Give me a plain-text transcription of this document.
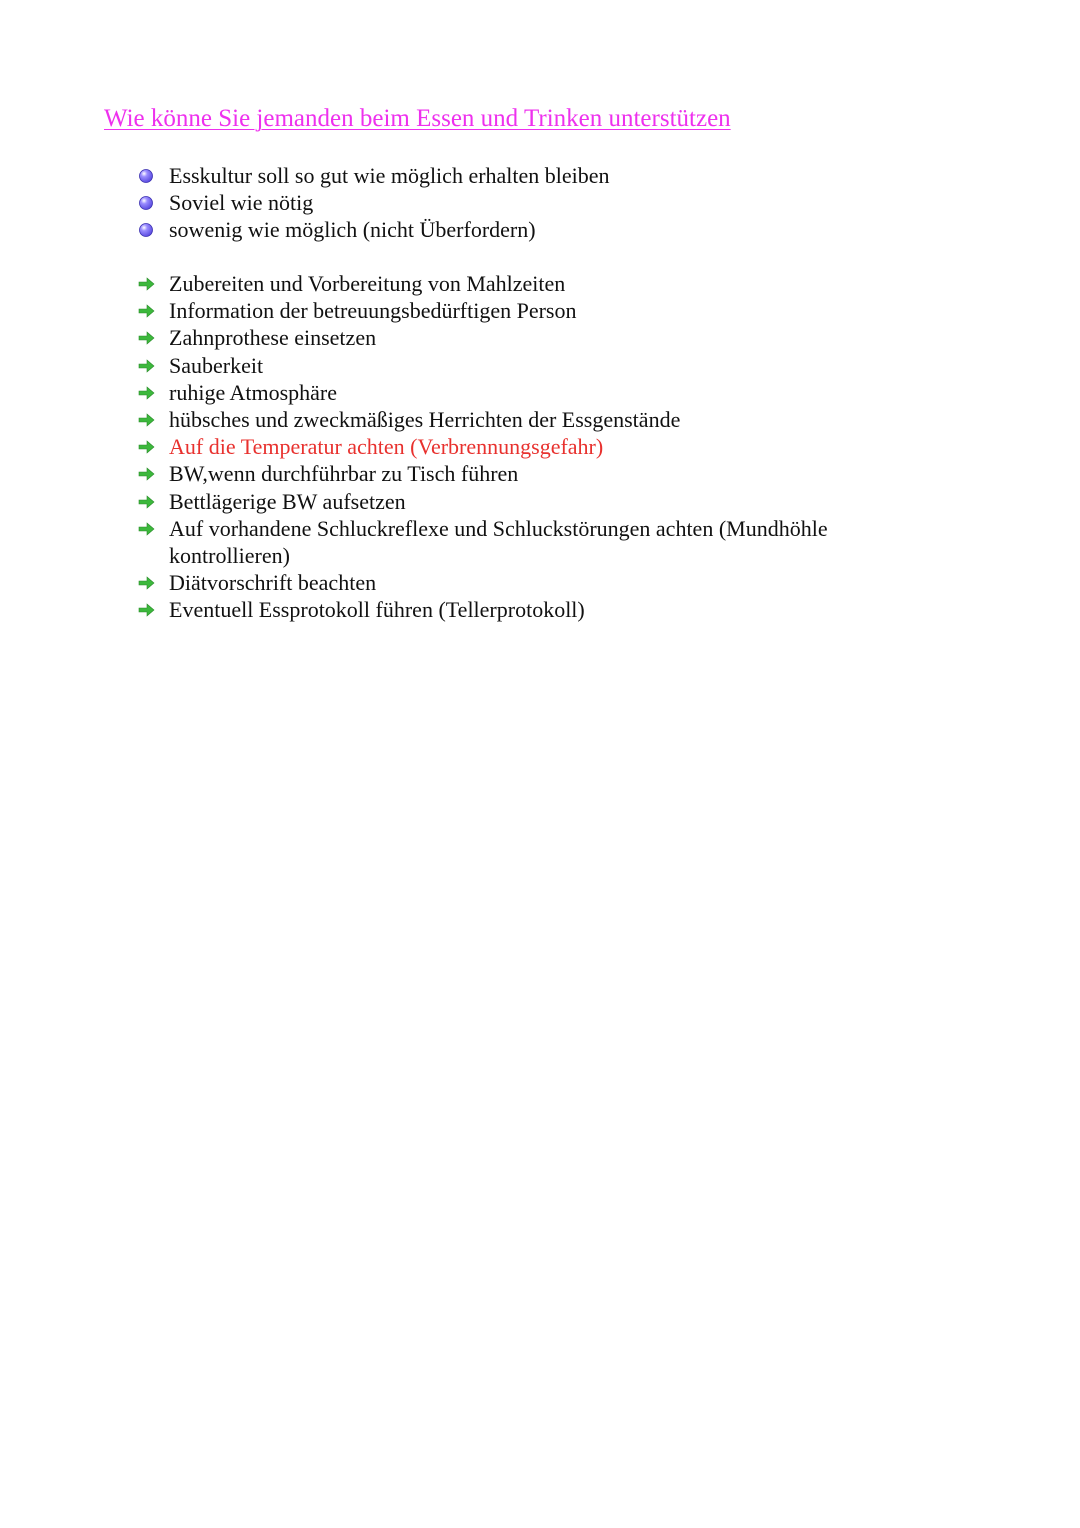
Wie könne Sie jemanden beim Essen und Trinken unterstützen
Esskultur soll so gut wie möglich erhalten bleiben
Soviel wie nötig
sowenig wie möglich (nicht Überfordern)
Zubereiten und Vorbereitung von Mahlzeiten
Information der betreuungsbedürftigen Person
Zahnprothese einsetzen
Sauberkeit
ruhige Atmosphäre
hübsches und zweckmäßiges Herrichten der Essgenstände
Auf die Temperatur achten (Verbrennungsgefahr)
BW,wenn durchführbar zu Tisch führen
Bettlägerige BW aufsetzen
Auf vorhandene Schluckreflexe und Schluckstörungen achten (Mundhöhle kontrollieren)
Diätvorschrift beachten
Eventuell Essprotokoll führen (Tellerprotokoll)
